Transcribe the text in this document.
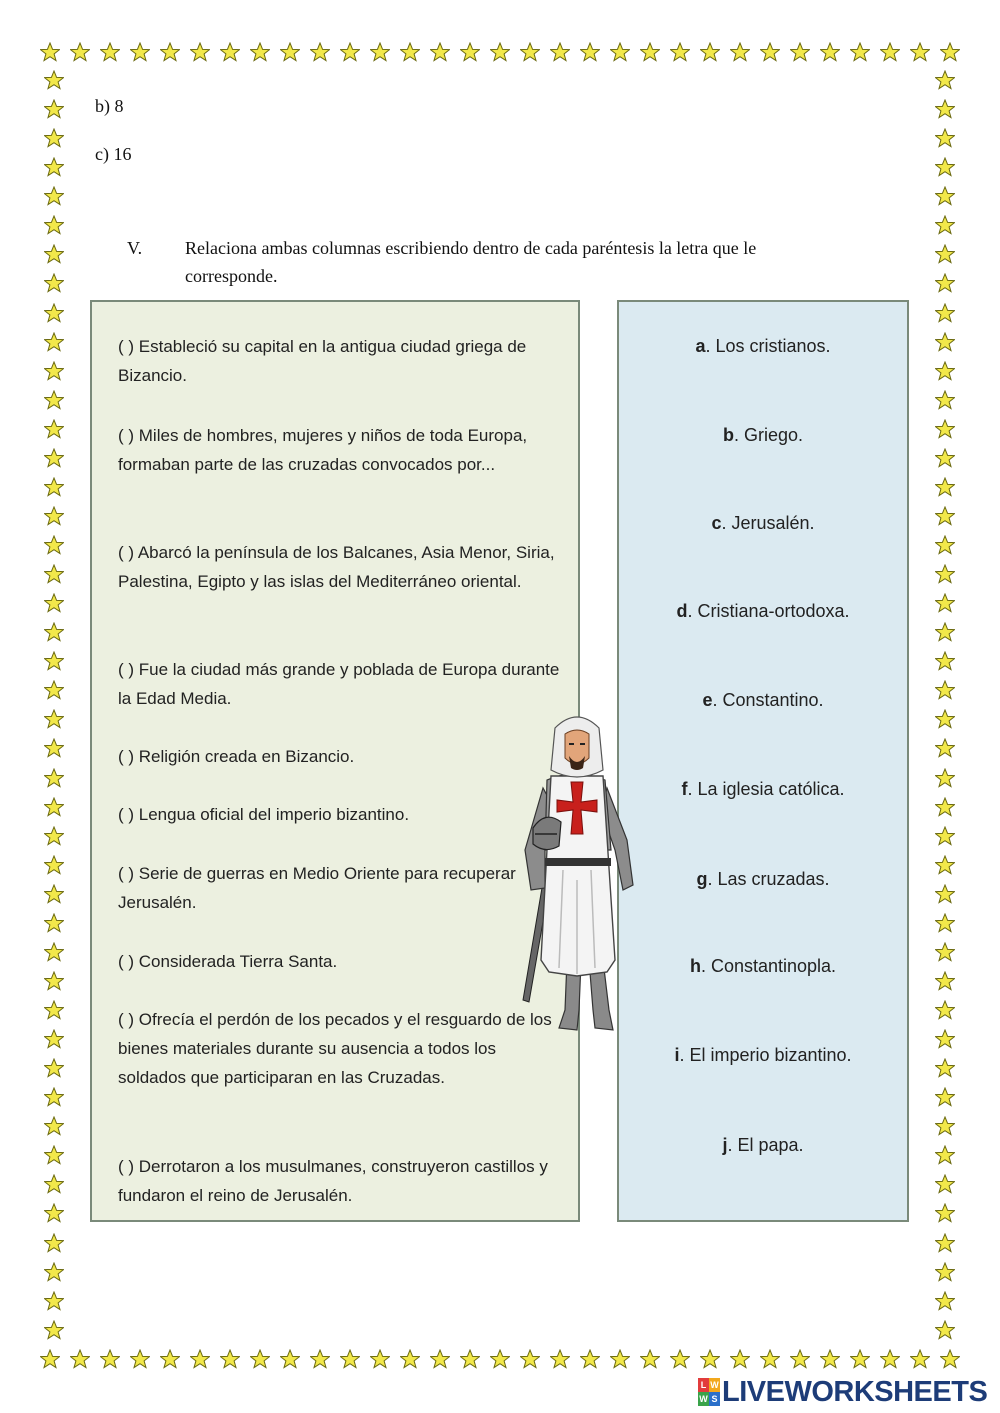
b) 8
c) 16
V. Relaciona ambas columnas escribiendo dentro de cada paréntesis la letra que le corresponde.
( ) Estableció su capital en la antigua ciudad griega de Bizancio.
( ) Miles de hombres, mujeres y niños de toda Europa, formaban parte de las cruzadas convocados por...
( ) Abarcó la península de los Balcanes, Asia Menor, Siria, Palestina, Egipto y las islas del Mediterráneo oriental.
( ) Fue la ciudad más grande y poblada de Europa durante la Edad Media.
( ) Religión creada en Bizancio.
( ) Lengua oficial del imperio bizantino.
( ) Serie de guerras en Medio Oriente para recuperar Jerusalén.
( ) Considerada Tierra Santa.
( ) Ofrecía el perdón de los pecados y el resguardo de los bienes materiales durante su ausencia a todos los soldados que participaran en las Cruzadas.
( ) Derrotaron a los musulmanes, construyeron castillos y fundaron el reino de Jerusalén.
a. Los cristianos.
b. Griego.
c. Jerusalén.
d. Cristiana-ortodoxa.
e. Constantino.
f. La iglesia católica.
g. Las cruzadas.
h. Constantinopla.
i. El imperio bizantino.
j. El papa.
L W
W S LIVEWORKSHEETS
